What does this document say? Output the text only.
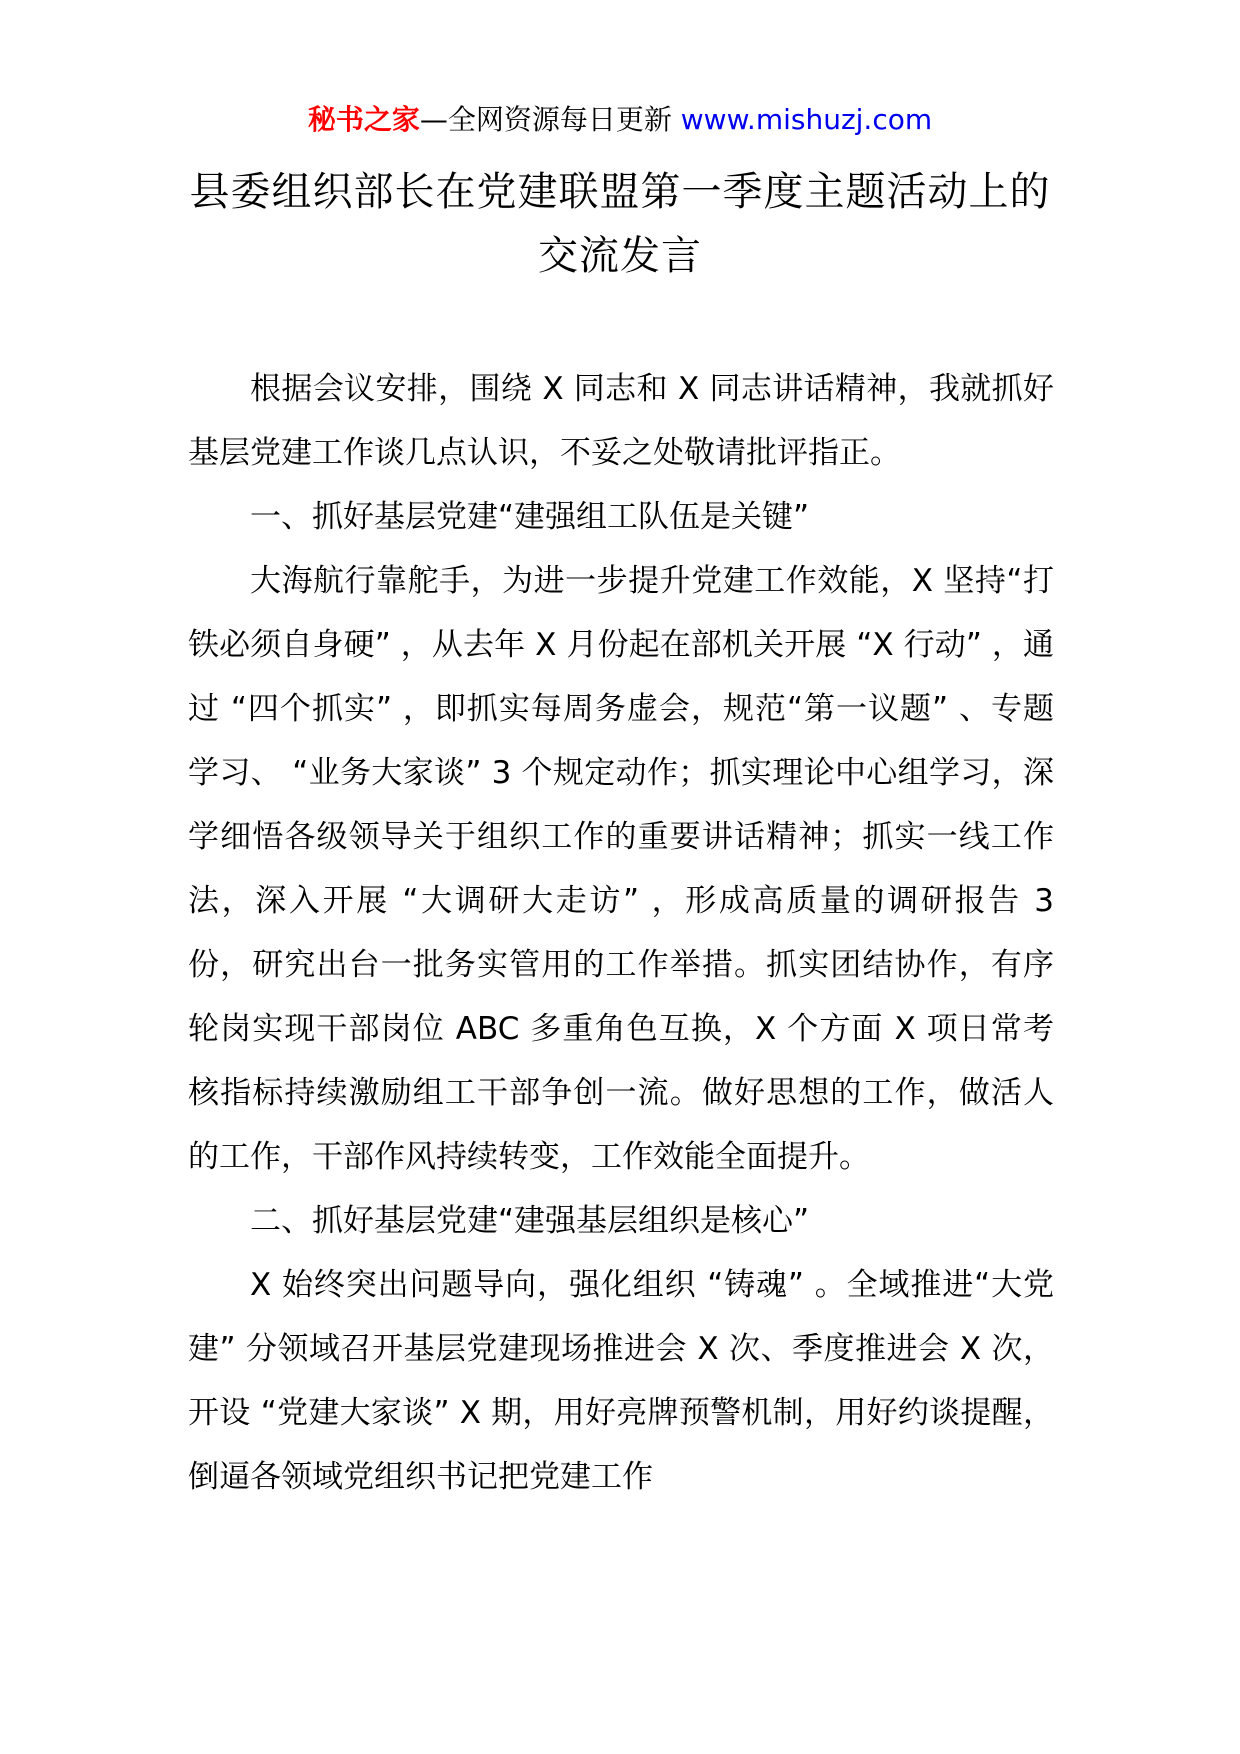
秘书之家—全网资源每日更新 www.mishuzj.com
县委组织部长在党建联盟第一季度主题活动上的交流发言

根据会议安排，围绕 X 同志和 X 同志讲话精神，我就抓好基层党建工作谈几点认识，不妥之处敬请批评指正。

一、抓好基层党建“建强组工队伍是关键”

大海航行靠舵手，为进一步提升党建工作效能，X 坚持“打铁必须自身硬” ，从去年 X 月份起在部机关开展 “X 行动” ，通过 “四个抓实” ，即抓实每周务虚会，规范“第一议题” 、专题学习、 “业务大家谈” 3 个规定动作；抓实理论中心组学习，深学细悟各级领导关于组织工作的重要讲话精神；抓实一线工作法，深入开展 “大调研大走访” ，形成高质量的调研报告 3 份，研究出台一批务实管用的工作举措。抓实团结协作，有序轮岗实现干部岗位 ABC 多重角色互换，X 个方面 X 项日常考核指标持续激励组工干部争创一流。做好思想的工作，做活人的工作，干部作风持续转变，工作效能全面提升。

二、抓好基层党建“建强基层组织是核心”

X 始终突出问题导向，强化组织 “铸魂” 。全域推进“大党建” 分领域召开基层党建现场推进会 X 次、季度推进会 X 次，开设 “党建大家谈” X 期，用好亮牌预警机制，用好约谈提醒，倒逼各领域党组织书记把党建工作
